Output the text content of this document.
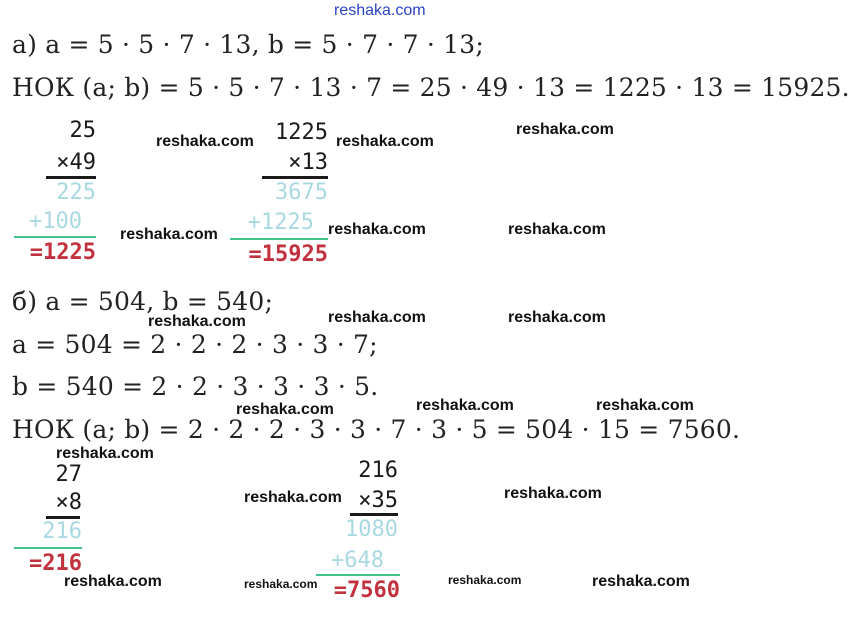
reshaka.com
а) a = 5 · 5 · 7 · 13, b = 5 · 7 · 7 · 13;
НОК (a; b) = 5 · 5 · 7 · 13 · 7 = 25 · 49 · 13 = 1225 · 13 = 15925.
25
×49
225
+100
=1225
1225
×13
3675
+1225
=15925
б) a = 504, b = 540;
a = 504 = 2 · 2 · 2 · 3 · 3 · 7;
b = 540 = 2 · 2 · 3 · 3 · 3 · 5.
НОК (a; b) = 2 · 2 · 2 · 3 · 3 · 7 · 3 · 5 = 504 · 15 = 7560.
27
×8
216
=216
216
×35
1080
+648
=7560
reshaka.com	reshaka.com
reshaka.com
reshaka.com	reshaka.com	reshaka.com
reshaka.com	reshaka.com	reshaka.com
reshaka.com	reshaka.com	reshaka.com
reshaka.com
reshaka.com	reshaka.com
reshaka.com	reshaka.com	reshaka.com	reshaka.com
